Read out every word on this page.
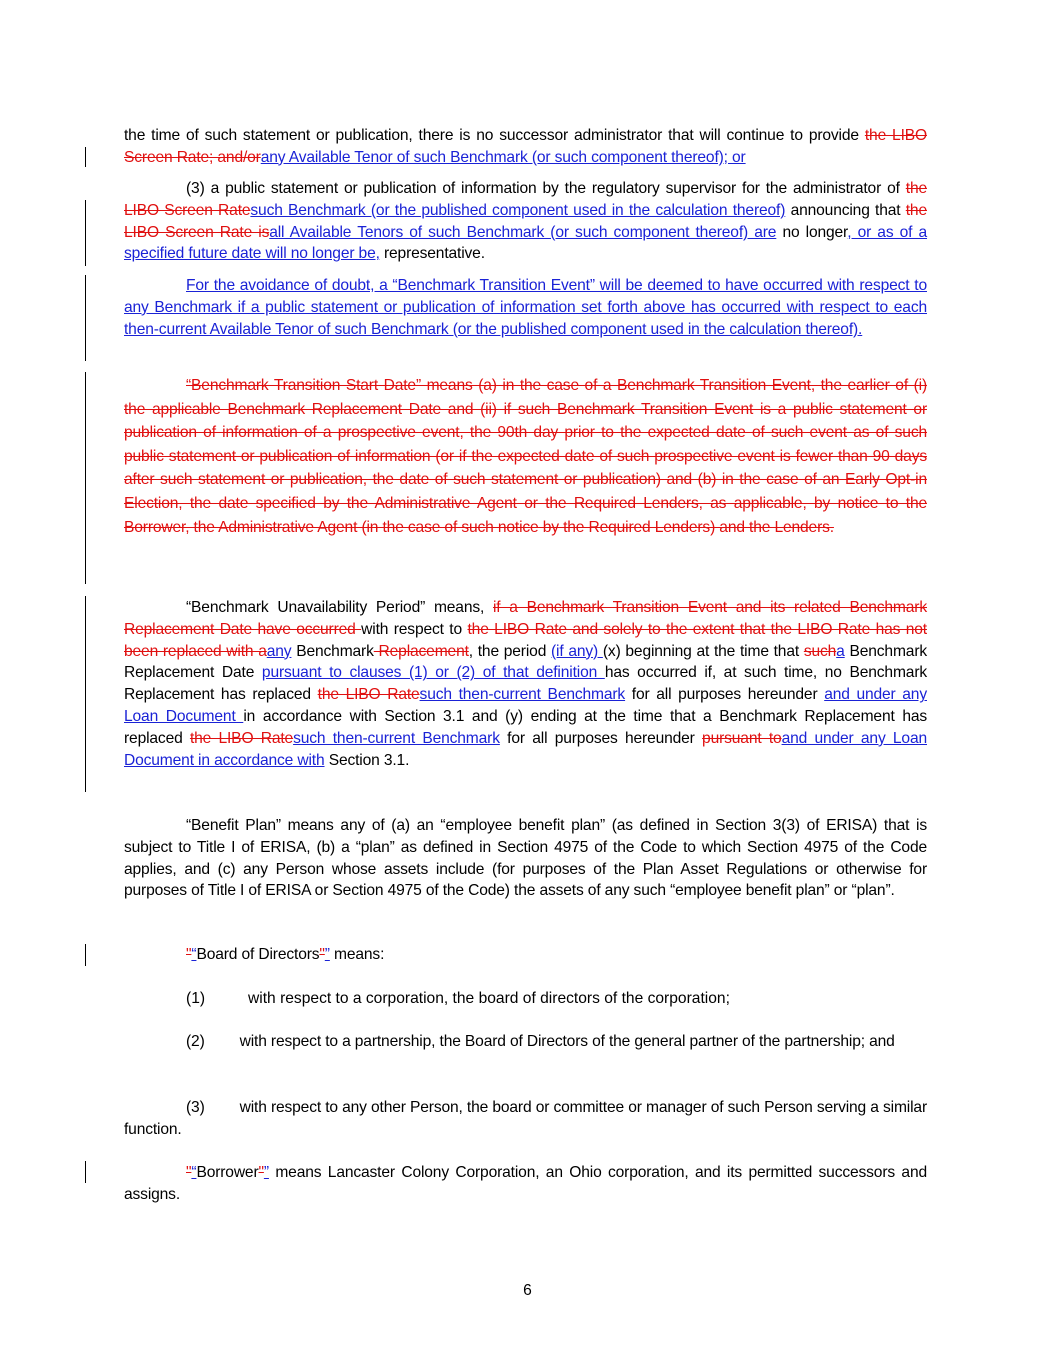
the time of such statement or publication, there is no successor administrator that will continue to provide the LIBO Screen Rate; and/orany Available Tenor of such Benchmark (or such component thereof); or
(3) a public statement or publication of information by the regulatory supervisor for the administrator of the LIBO Screen Ratesuch Benchmark (or the published component used in the calculation thereof) announcing that the LIBO Screen Rate isall Available Tenors of such Benchmark (or such component thereof) are no longer, or as of a specified future date will no longer be, representative.
For the avoidance of doubt, a “Benchmark Transition Event” will be deemed to have occurred with respect to any Benchmark if a public statement or publication of information set forth above has occurred with respect to each then-current Available Tenor of such Benchmark (or the published component used in the calculation thereof).
“Benchmark Transition Start Date” means (a) in the case of a Benchmark Transition Event, the earlier of (i) the applicable Benchmark Replacement Date and (ii) if such Benchmark Transition Event is a public statement or publication of information of a prospective event, the 90th day prior to the expected date of such event as of such public statement or publication of information (or if the expected date of such prospective event is fewer than 90 days after such statement or publication, the date of such statement or publication) and (b) in the case of an Early Opt-in Election, the date specified by the Administrative Agent or the Required Lenders, as applicable, by notice to the Borrower, the Administrative Agent (in the case of such notice by the Required Lenders) and the Lenders.
“Benchmark Unavailability Period” means, if a Benchmark Transition Event and its related Benchmark Replacement Date have occurred with respect to the LIBO Rate and solely to the extent that the LIBO Rate has not been replaced with aany Benchmark Replacement, the period (if any) (x) beginning at the time that sucha Benchmark Replacement Date pursuant to clauses (1) or (2) of that definition has occurred if, at such time, no Benchmark Replacement has replaced the LIBO Ratesuch then-current Benchmark for all purposes hereunder and under any Loan Document in accordance with Section 3.1 and (y) ending at the time that a Benchmark Replacement has replaced the LIBO Ratesuch then-current Benchmark for all purposes hereunder pursuant toand under any Loan Document in accordance with Section 3.1.
“Benefit Plan” means any of (a) an “employee benefit plan” (as defined in Section 3(3) of ERISA) that is subject to Title I of ERISA, (b) a “plan” as defined in Section 4975 of the Code to which Section 4975 of the Code applies, and (c) any Person whose assets include (for purposes of the Plan Asset Regulations or otherwise for purposes of Title I of ERISA or Section 4975 of the Code) the assets of any such “employee benefit plan” or “plan”.
"“Board of Directors"” means:
(1)	with respect to a corporation, the board of directors of the corporation;
(2) with respect to a partnership, the Board of Directors of the general partner of the partnership; and
(3) with respect to any other Person, the board or committee or manager of such Person serving a similar function.
"“Borrower"” means Lancaster Colony Corporation, an Ohio corporation, and its permitted successors and assigns.
6
